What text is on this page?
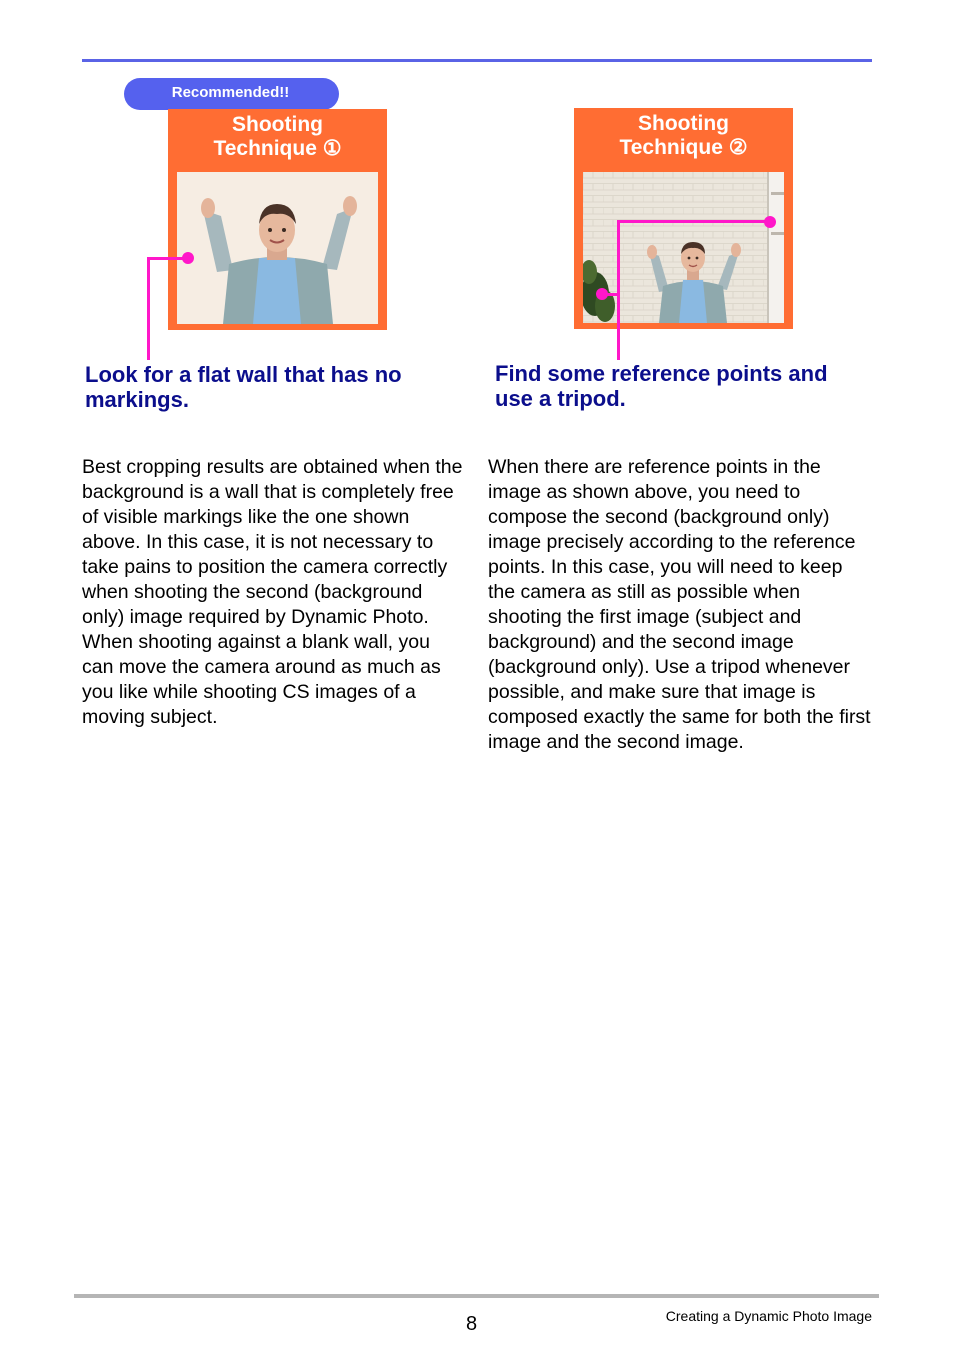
Recommended!!
Shooting
Technique ①
Shooting
Technique ②

Look for a flat wall that has no markings.

Find some reference points and use a tripod.

Best cropping results are obtained when the background is a wall that is completely free of visible markings like the one shown above. In this case, it is not necessary to take pains to position the camera correctly when shooting the second (background only) image required by Dynamic Photo. When shooting against a blank wall, you can move the camera around as much as you like while shooting CS images of a moving subject.

When there are reference points in the image as shown above, you need to compose the second (background only) image precisely according to the reference points. In this case, you will need to keep the camera as still as possible when shooting the first image (subject and background) and the second image (background only). Use a tripod whenever possible, and make sure that image is composed exactly the same for both the first image and the second image.

8	Creating a Dynamic Photo Image
